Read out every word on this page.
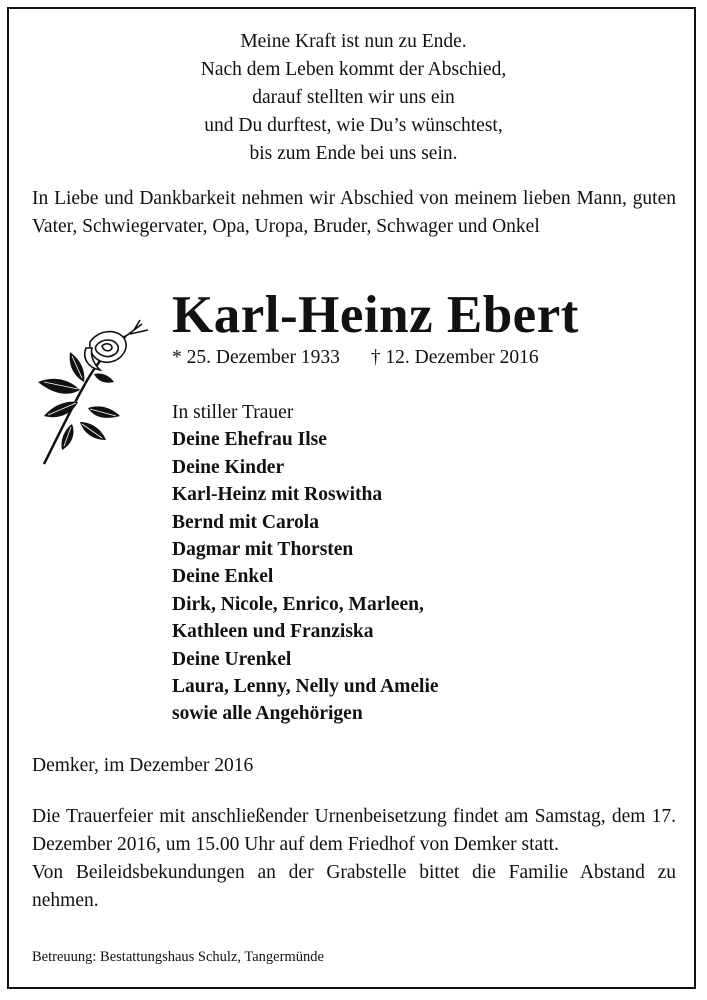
Meine Kraft ist nun zu Ende.
Nach dem Leben kommt der Abschied,
darauf stellten wir uns ein
und Du durftest, wie Du’s wünschtest,
bis zum Ende bei uns sein.
In Liebe und Dankbarkeit nehmen wir Abschied von meinem lieben Mann, guten Vater, Schwiegervater, Opa, Uropa, Bruder, Schwager und Onkel
Karl-Heinz Ebert
* 25. Dezember 1933 † 12. Dezember 2016
In stiller Trauer
Deine Ehefrau Ilse
Deine Kinder
Karl-Heinz mit Roswitha
Bernd mit Carola
Dagmar mit Thorsten
Deine Enkel
Dirk, Nicole, Enrico, Marleen,
Kathleen und Franziska
Deine Urenkel
Laura, Lenny, Nelly und Amelie
sowie alle Angehörigen
Demker, im Dezember 2016

Die Trauerfeier mit anschließender Urnenbeisetzung findet am Samstag, dem 17. Dezember 2016, um 15.00 Uhr auf dem Friedhof von Demker statt.

Von Beileidsbekundungen an der Grabstelle bittet die Familie Abstand zu nehmen.

Betreuung: Bestattungshaus Schulz, Tangermünde
